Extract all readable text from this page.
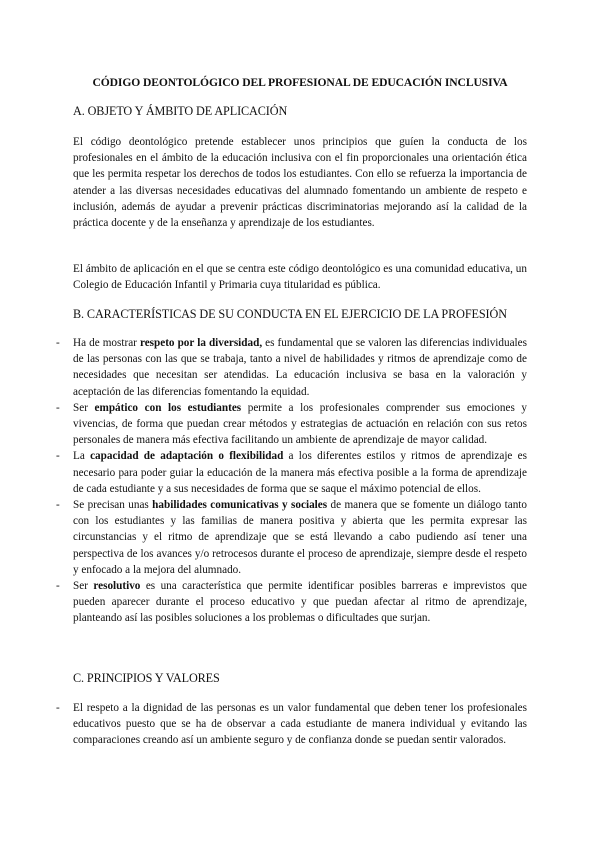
CÓDIGO DEONTOLÓGICO DEL PROFESIONAL DE EDUCACIÓN INCLUSIVA
A. OBJETO Y ÁMBITO DE APLICACIÓN

El código deontológico pretende establecer unos principios que guíen la conducta de los profesionales en el ámbito de la educación inclusiva con el fin proporcionales una orientación ética que les permita respetar los derechos de todos los estudiantes. Con ello se refuerza la importancia de atender a las diversas necesidades educativas del alumnado fomentando un ambiente de respeto e inclusión, además de ayudar a prevenir prácticas discriminatorias mejorando así la calidad de la práctica docente y de la enseñanza y aprendizaje de los estudiantes.

El ámbito de aplicación en el que se centra este código deontológico es una comunidad educativa, un Colegio de Educación Infantil y Primaria cuya titularidad es pública.

B. CARACTERÍSTICAS DE SU CONDUCTA EN EL EJERCICIO DE LA PROFESIÓN
- Ha de mostrar respeto por la diversidad, es fundamental que se valoren las diferencias individuales de las personas con las que se trabaja, tanto a nivel de habilidades y ritmos de aprendizaje como de necesidades que necesitan ser atendidas. La educación inclusiva se basa en la valoración y aceptación de las diferencias fomentando la equidad.
- Ser empático con los estudiantes permite a los profesionales comprender sus emociones y vivencias, de forma que puedan crear métodos y estrategias de actuación en relación con sus retos personales de manera más efectiva facilitando un ambiente de aprendizaje de mayor calidad.
- La capacidad de adaptación o flexibilidad a los diferentes estilos y ritmos de aprendizaje es necesario para poder guiar la educación de la manera más efectiva posible a la forma de aprendizaje de cada estudiante y a sus necesidades de forma que se saque el máximo potencial de ellos.
- Se precisan unas habilidades comunicativas y sociales de manera que se fomente un diálogo tanto con los estudiantes y las familias de manera positiva y abierta que les permita expresar las circunstancias y el ritmo de aprendizaje que se está llevando a cabo pudiendo así tener una perspectiva de los avances y/o retrocesos durante el proceso de aprendizaje, siempre desde el respeto y enfocado a la mejora del alumnado.
- Ser resolutivo es una característica que permite identificar posibles barreras e imprevistos que pueden aparecer durante el proceso educativo y que puedan afectar al ritmo de aprendizaje, planteando así las posibles soluciones a los problemas o dificultades que surjan.
C. PRINCIPIOS Y VALORES
- El respeto a la dignidad de las personas es un valor fundamental que deben tener los profesionales educativos puesto que se ha de observar a cada estudiante de manera individual y evitando las comparaciones creando así un ambiente seguro y de confianza donde se puedan sentir valorados.
